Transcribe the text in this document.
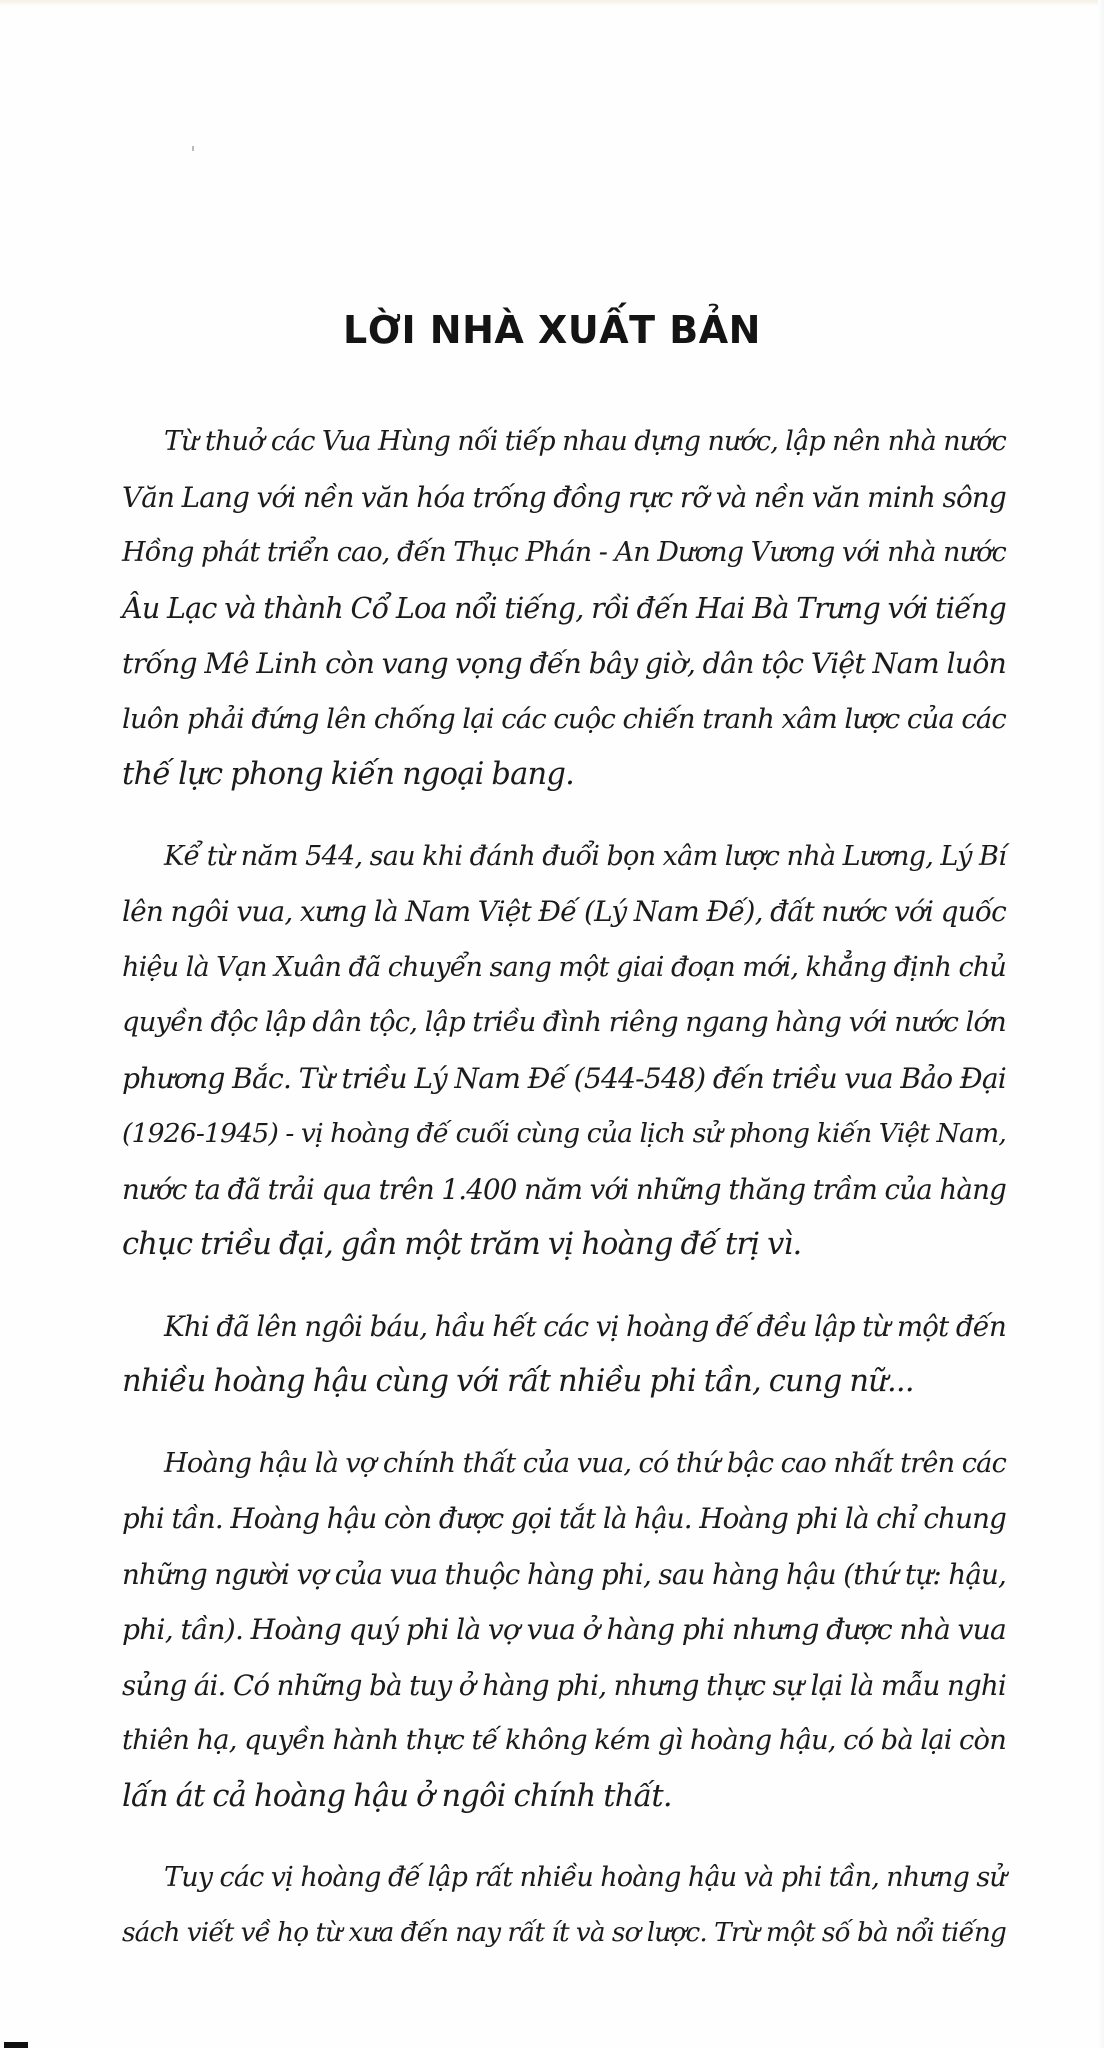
LỜI NHÀ XUẤT BẢN

Từ thuở các Vua Hùng nối tiếp nhau dựng nước, lập nên nhà nước
Văn Lang với nền văn hóa trống đồng rực rỡ và nền văn minh sông
Hồng phát triển cao, đến Thục Phán - An Dương Vương với nhà nước
Âu Lạc và thành Cổ Loa nổi tiếng, rồi đến Hai Bà Trưng với tiếng
trống Mê Linh còn vang vọng đến bây giờ, dân tộc Việt Nam luôn
luôn phải đứng lên chống lại các cuộc chiến tranh xâm lược của các
thế lực phong kiến ngoại bang.

Kể từ năm 544, sau khi đánh đuổi bọn xâm lược nhà Lương, Lý Bí
lên ngôi vua, xưng là Nam Việt Đế (Lý Nam Đế), đất nước với quốc
hiệu là Vạn Xuân đã chuyển sang một giai đoạn mới, khẳng định chủ
quyền độc lập dân tộc, lập triều đình riêng ngang hàng với nước lớn
phương Bắc. Từ triều Lý Nam Đế (544-548) đến triều vua Bảo Đại
(1926-1945) - vị hoàng đế cuối cùng của lịch sử phong kiến Việt Nam,
nước ta đã trải qua trên 1.400 năm với những thăng trầm của hàng
chục triều đại, gần một trăm vị hoàng đế trị vì.

Khi đã lên ngôi báu, hầu hết các vị hoàng đế đều lập từ một đến
nhiều hoàng hậu cùng với rất nhiều phi tần, cung nữ...

Hoàng hậu là vợ chính thất của vua, có thứ bậc cao nhất trên các
phi tần. Hoàng hậu còn được gọi tắt là hậu. Hoàng phi là chỉ chung
những người vợ của vua thuộc hàng phi, sau hàng hậu (thứ tự: hậu,
phi, tần). Hoàng quý phi là vợ vua ở hàng phi nhưng được nhà vua
sủng ái. Có những bà tuy ở hàng phi, nhưng thực sự lại là mẫu nghi
thiên hạ, quyền hành thực tế không kém gì hoàng hậu, có bà lại còn
lấn át cả hoàng hậu ở ngôi chính thất.

Tuy các vị hoàng đế lập rất nhiều hoàng hậu và phi tần, nhưng sử
sách viết về họ từ xưa đến nay rất ít và sơ lược. Trừ một số bà nổi tiếng
